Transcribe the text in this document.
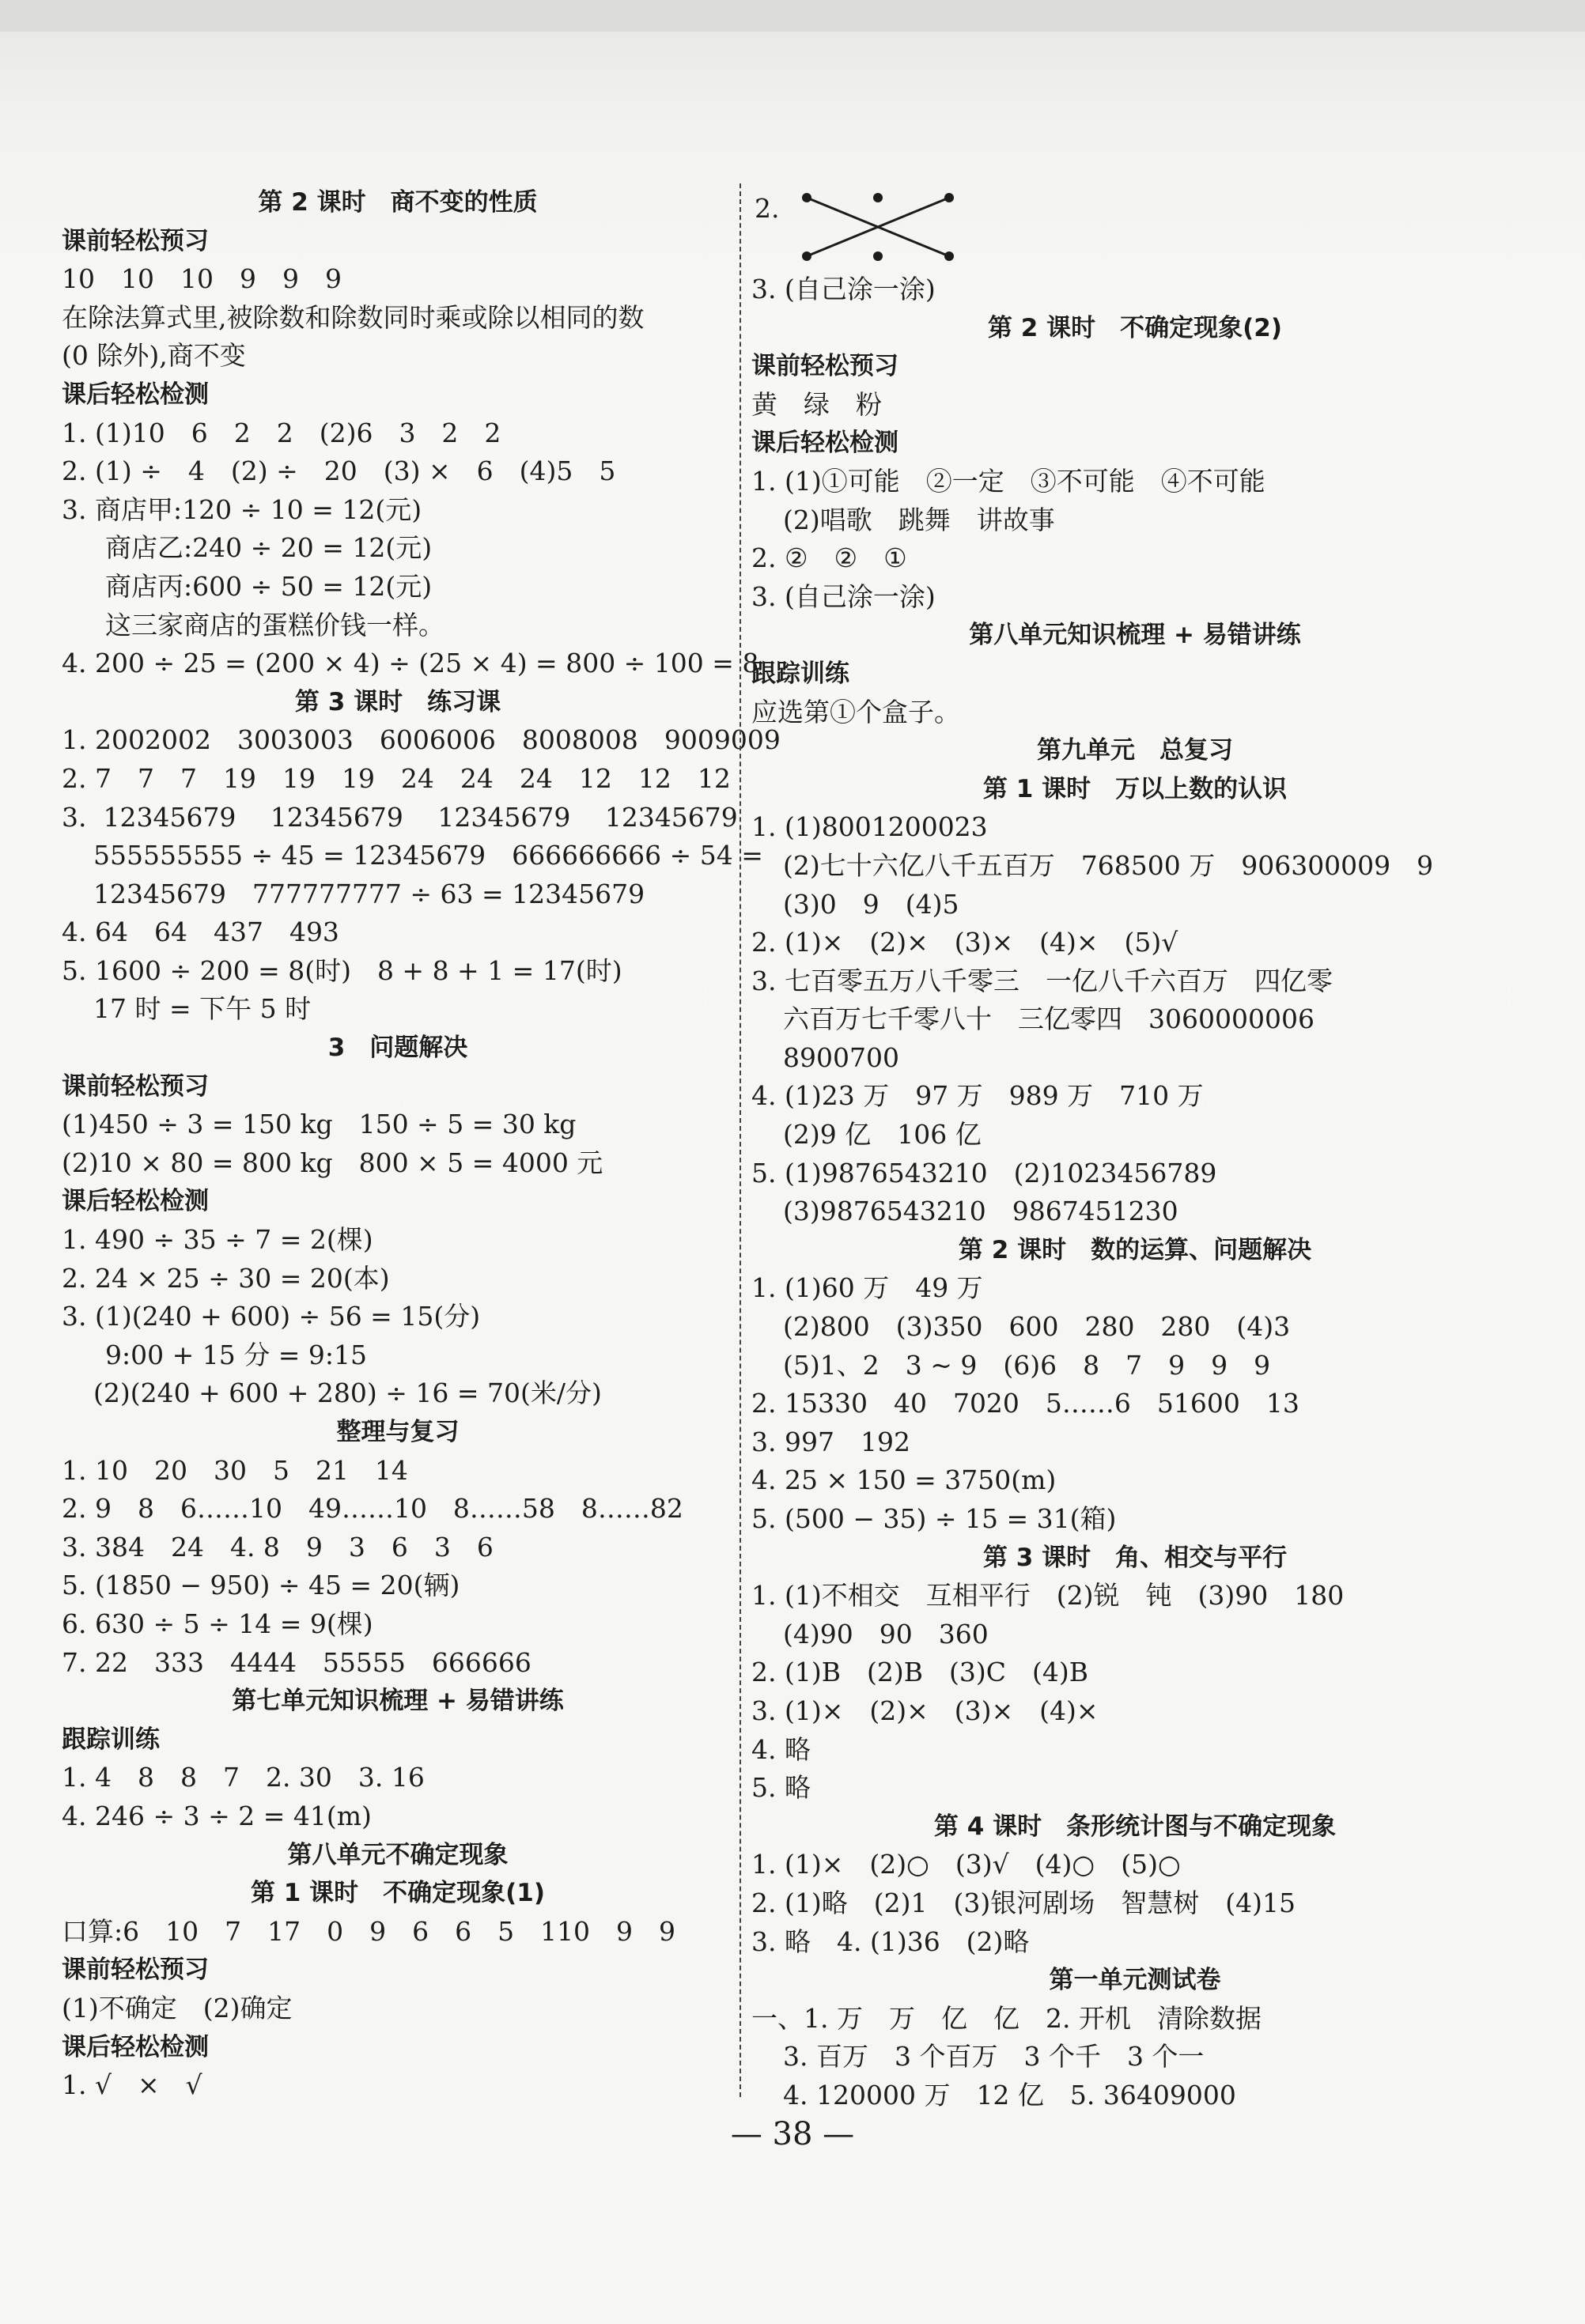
第 2 课时　商不变的性质
课前轻松预习
10　10　10　9　9　9
在除法算式里,被除数和除数同时乘或除以相同的数
(0 除外),商不变
课后轻松检测
1. (1)10　6　2　2　(2)6　3　2　2
2. (1) ÷　4　(2) ÷　20　(3) ×　6　(4)5　5
3. 商店甲:120 ÷ 10 = 12(元)
商店乙:240 ÷ 20 = 12(元)
商店丙:600 ÷ 50 = 12(元)
这三家商店的蛋糕价钱一样。
4. 200 ÷ 25 = (200 × 4) ÷ (25 × 4) = 800 ÷ 100 = 8
第 3 课时　练习课
1. 2002002　3003003　6006006　8008008　9009009
2. 7　7　7　19　19　19　24　24　24　12　12　12
3.  12345679　 12345679　 12345679　 12345679
555555555 ÷ 45 = 12345679　666666666 ÷ 54 =
12345679　777777777 ÷ 63 = 12345679
4. 64　64　437　493
5. 1600 ÷ 200 = 8(时)　8 + 8 + 1 = 17(时)
17 时 = 下午 5 时
3　问题解决
课前轻松预习
(1)450 ÷ 3 = 150 kg　150 ÷ 5 = 30 kg
(2)10 × 80 = 800 kg　800 × 5 = 4000 元
课后轻松检测
1. 490 ÷ 35 ÷ 7 = 2(棵)
2. 24 × 25 ÷ 30 = 20(本)
3. (1)(240 + 600) ÷ 56 = 15(分)
9:00 + 15 分 = 9:15
(2)(240 + 600 + 280) ÷ 16 = 70(米/分)
整理与复习
1. 10　20　30　5　21　14
2. 9　8　6……10　49……10　8……58　8……82
3. 384　24　4. 8　9　3　6　3　6
5. (1850 − 950) ÷ 45 = 20(辆)
6. 630 ÷ 5 ÷ 14 = 9(棵)
7. 22　333　4444　55555　666666
第七单元知识梳理 + 易错讲练
跟踪训练
1. 4　8　8　7　2. 30　3. 16
4. 246 ÷ 3 ÷ 2 = 41(m)
第八单元不确定现象
第 1 课时　不确定现象(1)
口算:6　10　7　17　0　9　6　6　5　110　9　9
课前轻松预习
(1)不确定　(2)确定
课后轻松检测
1. √　×　√
2.
3. (自己涂一涂)
第 2 课时　不确定现象(2)
课前轻松预习
黄　绿　粉
课后轻松检测
1. (1)①可能　②一定　③不可能　④不可能
(2)唱歌　跳舞　讲故事
2. ②　②　①
3. (自己涂一涂)
第八单元知识梳理 + 易错讲练
跟踪训练
应选第①个盒子。
第九单元　总复习
第 1 课时　万以上数的认识
1. (1)8001200023
(2)七十六亿八千五百万　768500 万　906300009　9
(3)0　9　(4)5
2. (1)×　(2)×　(3)×　(4)×　(5)√
3. 七百零五万八千零三　一亿八千六百万　四亿零
六百万七千零八十　三亿零四　3060000006
8900700
4. (1)23 万　97 万　989 万　710 万
(2)9 亿　106 亿
5. (1)9876543210　(2)1023456789
(3)9876543210　9867451230
第 2 课时　数的运算、问题解决
1. (1)60 万　49 万
(2)800　(3)350　600　280　280　(4)3
(5)1、2　3 ~ 9　(6)6　8　7　9　9　9
2. 15330　40　7020　5……6　51600　13
3. 997　192
4. 25 × 150 = 3750(m)
5. (500 − 35) ÷ 15 = 31(箱)
第 3 课时　角、相交与平行
1. (1)不相交　互相平行　(2)锐　钝　(3)90　180
(4)90　90　360
2. (1)B　(2)B　(3)C　(4)B
3. (1)×　(2)×　(3)×　(4)×
4. 略
5. 略
第 4 课时　条形统计图与不确定现象
1. (1)×　(2)○　(3)√　(4)○　(5)○
2. (1)略　(2)1　(3)银河剧场　智慧树　(4)15
3. 略　4. (1)36　(2)略
第一单元测试卷
一、1. 万　万　亿　亿　2. 开机　清除数据
3. 百万　3 个百万　3 个千　3 个一
4. 120000 万　12 亿　5. 36409000
— 38 —
